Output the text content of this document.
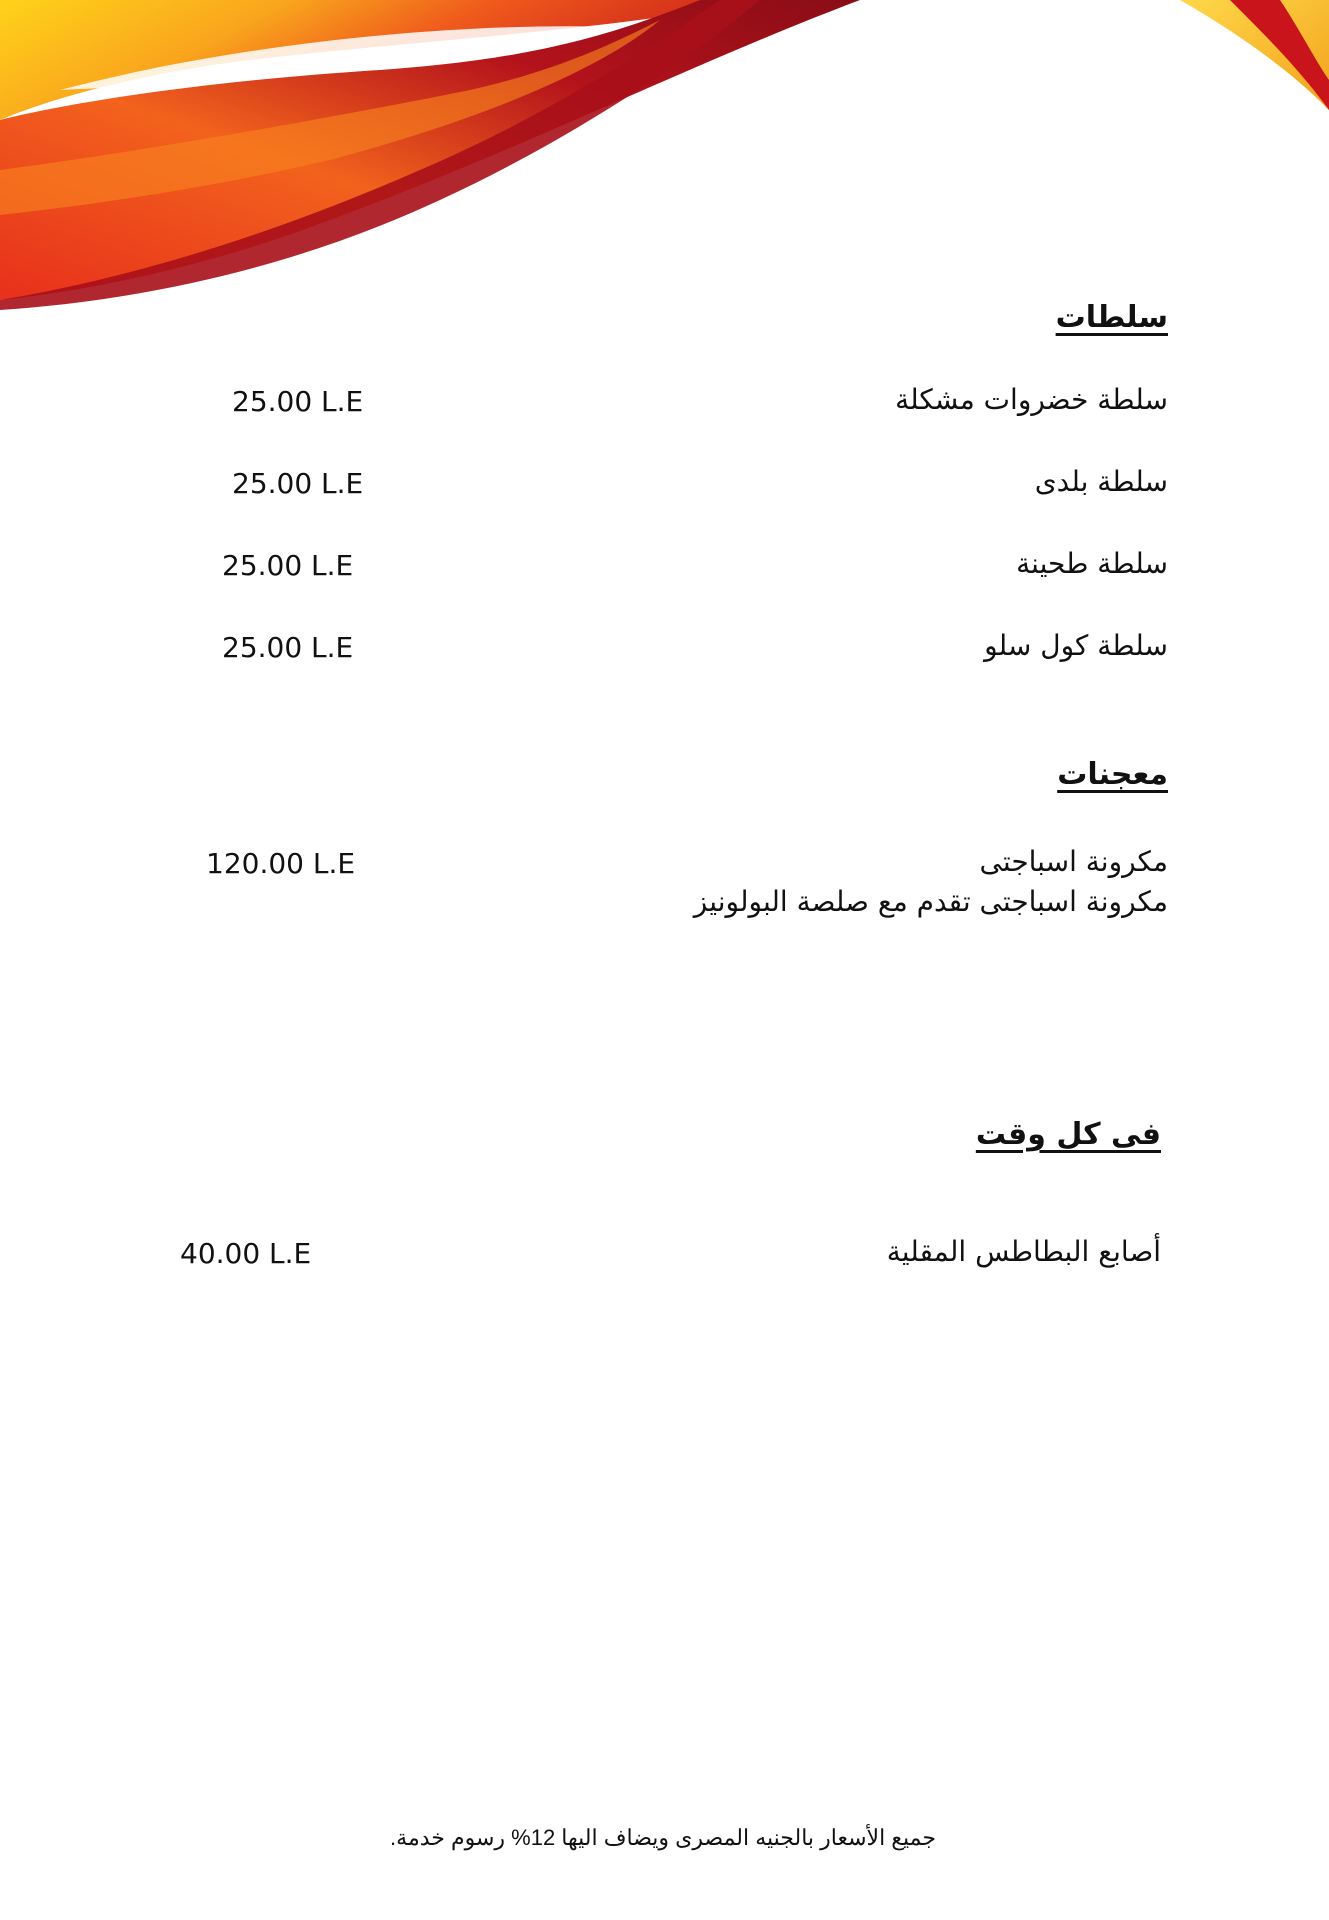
سلطات
سلطة خضروات مشكلة
25.00 L.E
سلطة بلدى
25.00 L.E
سلطة طحينة
25.00 L.E
سلطة كول سلو
25.00 L.E
معجنات
مكرونة اسباجتى
120.00 L.E
مكرونة اسباجتى تقدم مع صلصة البولونيز
فى كل وقت
أصابع البطاطس المقلية
40.00 L.E
جميع الأسعار بالجنيه المصرى ويضاف اليها 12% رسوم خدمة.
